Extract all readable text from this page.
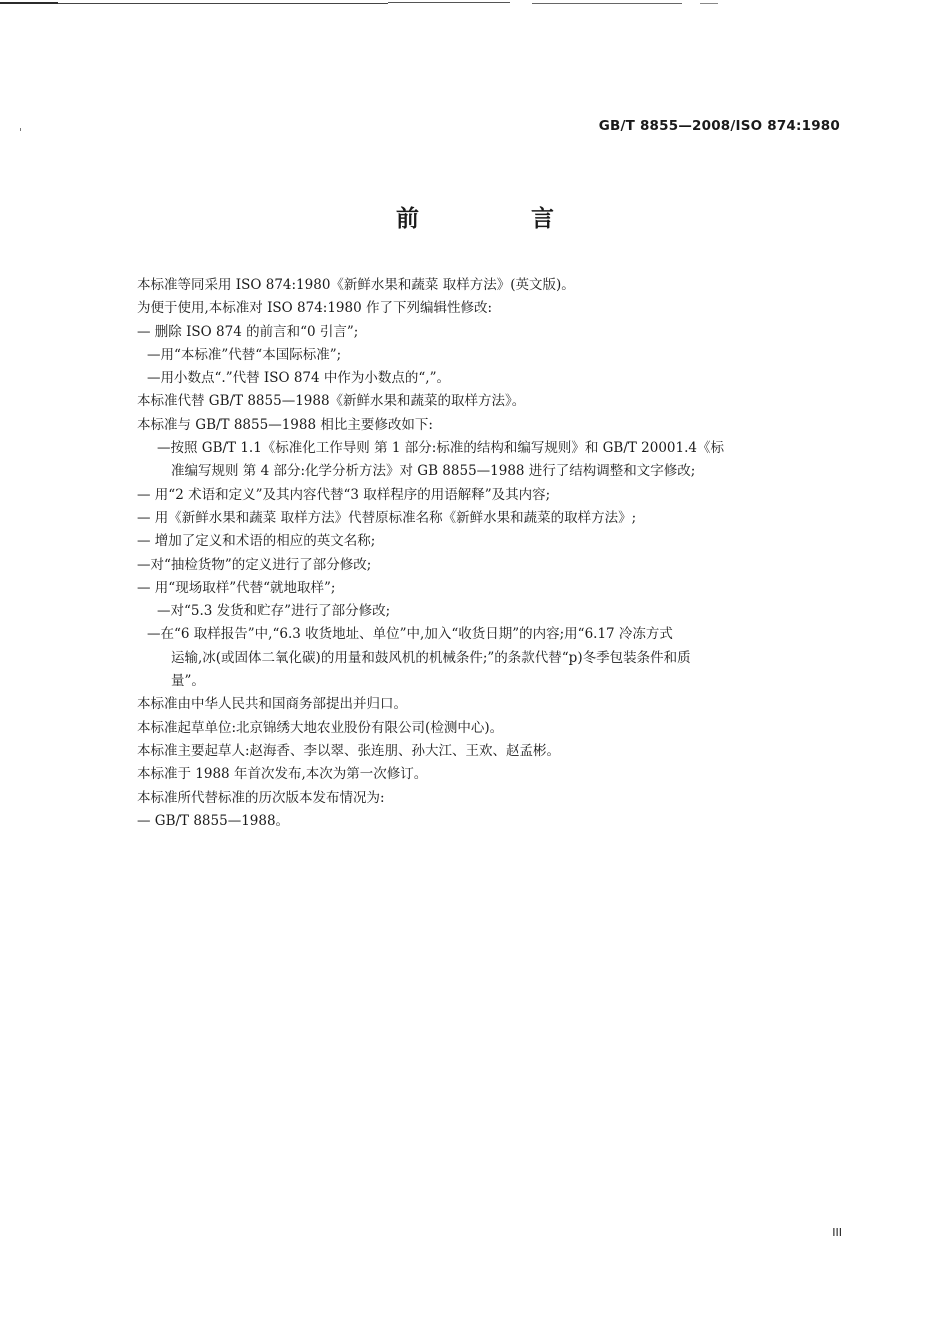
GB/T 8855—2008/ISO 874:1980
前 言
本标准等同采用 ISO 874:1980《新鲜水果和蔬菜 取样方法》(英文版)。
为便于使用,本标准对 ISO 874:1980 作了下列编辑性修改:
— 删除 ISO 874 的前言和“0 引言”;
—用“本标准”代替“本国际标准”;
—用小数点“.”代替 ISO 874 中作为小数点的“,”。
本标准代替 GB/T 8855—1988《新鲜水果和蔬菜的取样方法》。
本标准与 GB/T 8855—1988 相比主要修改如下:
—按照 GB/T 1.1《标准化工作导则 第 1 部分:标准的结构和编写规则》和 GB/T 20001.4《标
准编写规则 第 4 部分:化学分析方法》对 GB 8855—1988 进行了结构调整和文字修改;
— 用“2 术语和定义”及其内容代替“3 取样程序的用语解释”及其内容;
— 用《新鲜水果和蔬菜 取样方法》代替原标准名称《新鲜水果和蔬菜的取样方法》;
— 增加了定义和术语的相应的英文名称;
—对“抽检货物”的定义进行了部分修改;
— 用“现场取样”代替“就地取样”;
—对“5.3 发货和贮存”进行了部分修改;
—在“6 取样报告”中,“6.3 收货地址、单位”中,加入“收货日期”的内容;用“6.17 冷冻方式
运输,冰(或固体二氧化碳)的用量和鼓风机的机械条件;”的条款代替“p)冬季包装条件和质
量”。
本标准由中华人民共和国商务部提出并归口。
本标准起草单位:北京锦绣大地农业股份有限公司(检测中心)。
本标准主要起草人:赵海香、李以翠、张连朋、孙大江、王欢、赵孟彬。
本标准于 1988 年首次发布,本次为第一次修订。
本标准所代替标准的历次版本发布情况为:
— GB/T 8855—1988。
III
